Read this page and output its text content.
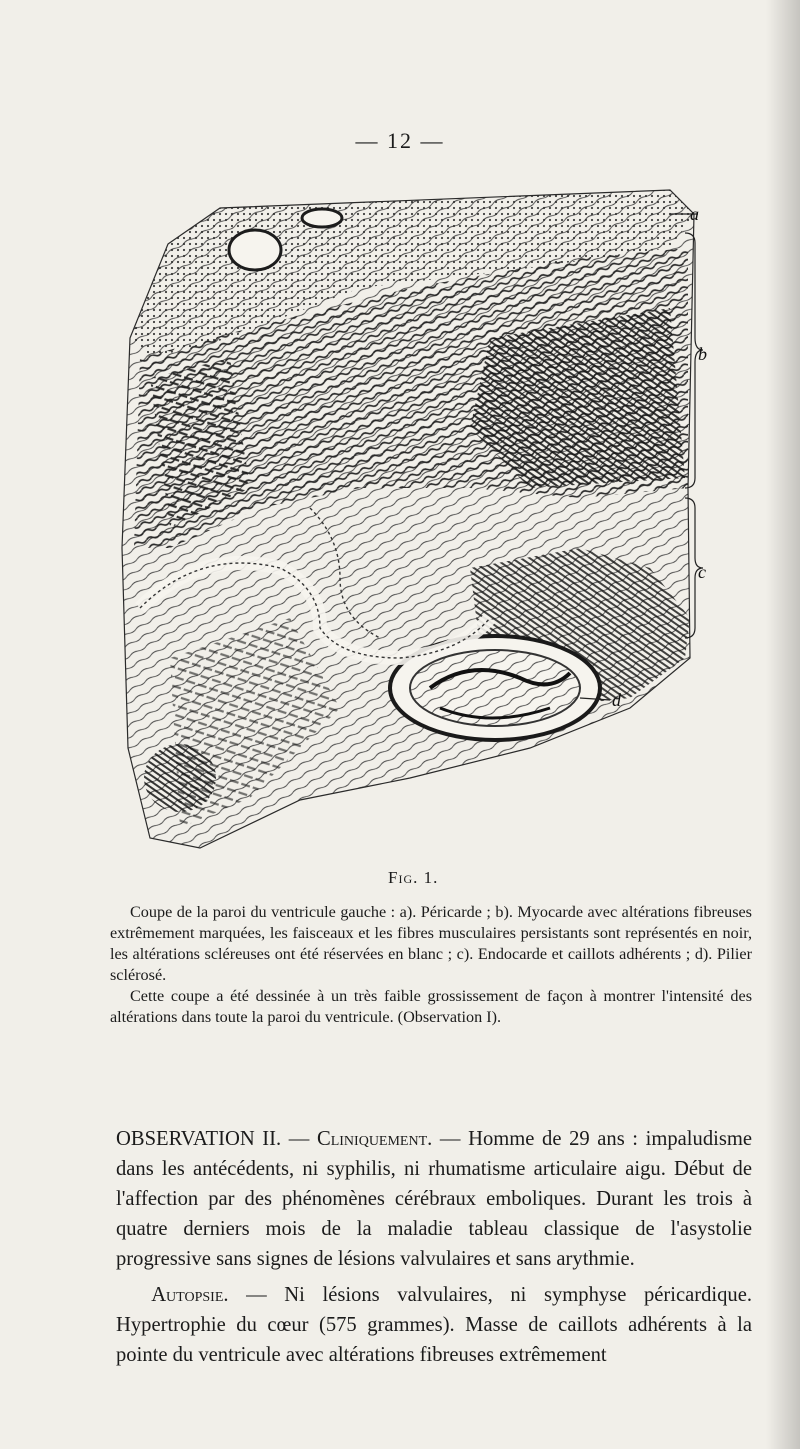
— 12 —
a
b
c
d
Fig. 1.

Coupe de la paroi du ventricule gauche : a). Péricarde ; b). Myocarde avec altérations fibreuses extrêmement marquées, les faisceaux et les fibres musculaires persistants sont représentés en noir, les altérations scléreuses ont été réservées en blanc ; c). Endocarde et caillots adhérents ; d). Pilier sclérosé.

Cette coupe a été dessinée à un très faible grossissement de façon à montrer l'intensité des altérations dans toute la paroi du ventricule. (Observation I).

OBSERVATION II. — Cliniquement. — Homme de 29 ans : impaludisme dans les antécédents, ni syphilis, ni rhumatisme articulaire aigu. Début de l'affection par des phénomènes cérébraux emboliques. Durant les trois à quatre derniers mois de la maladie tableau classique de l'asystolie progressive sans signes de lésions valvulaires et sans arythmie.

Autopsie. — Ni lésions valvulaires, ni symphyse péricardique. Hypertrophie du cœur (575 grammes). Masse de caillots adhérents à la pointe du ventricule avec altérations fibreuses extrêmement
